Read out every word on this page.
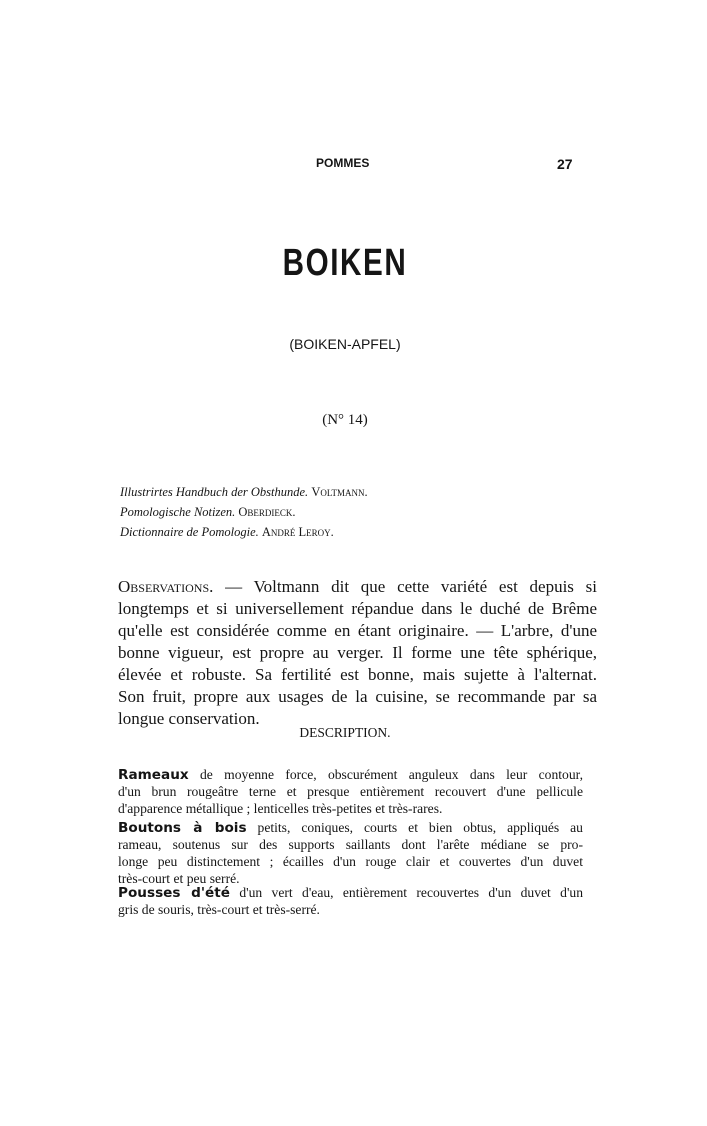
POMMES	27
BOIKEN
(BOIKEN-APFEL)
(N° 14)
Illustrirtes Handbuch der Obsthunde. Voltmann.
Pomologische Notizen. Oberdieck.
Dictionnaire de Pomologie. André Leroy.
Observations. — Voltmann dit que cette variété est depuis si
longtemps et si universellement répandue dans le duché de Brême
qu'elle est considérée comme en étant originaire. — L'arbre, d'une
bonne vigueur, est propre au verger. Il forme une tête sphérique,
élevée et robuste. Sa fertilité est bonne, mais sujette à l'alternat.
Son fruit, propre aux usages de la cuisine, se recommande par sa
longue conservation.
DESCRIPTION.
Rameaux de moyenne force, obscurément anguleux dans leur contour,
d'un brun rougeâtre terne et presque entièrement recouvert d'une pellicule
d'apparence métallique ; lenticelles très-petites et très-rares.
Boutons à bois petits, coniques, courts et bien obtus, appliqués au
rameau, soutenus sur des supports saillants dont l'arête médiane se pro-
longe peu distinctement ; écailles d'un rouge clair et couvertes d'un duvet
très-court et peu serré.
Pousses d'été d'un vert d'eau, entièrement recouvertes d'un duvet d'un
gris de souris, très-court et très-serré.
